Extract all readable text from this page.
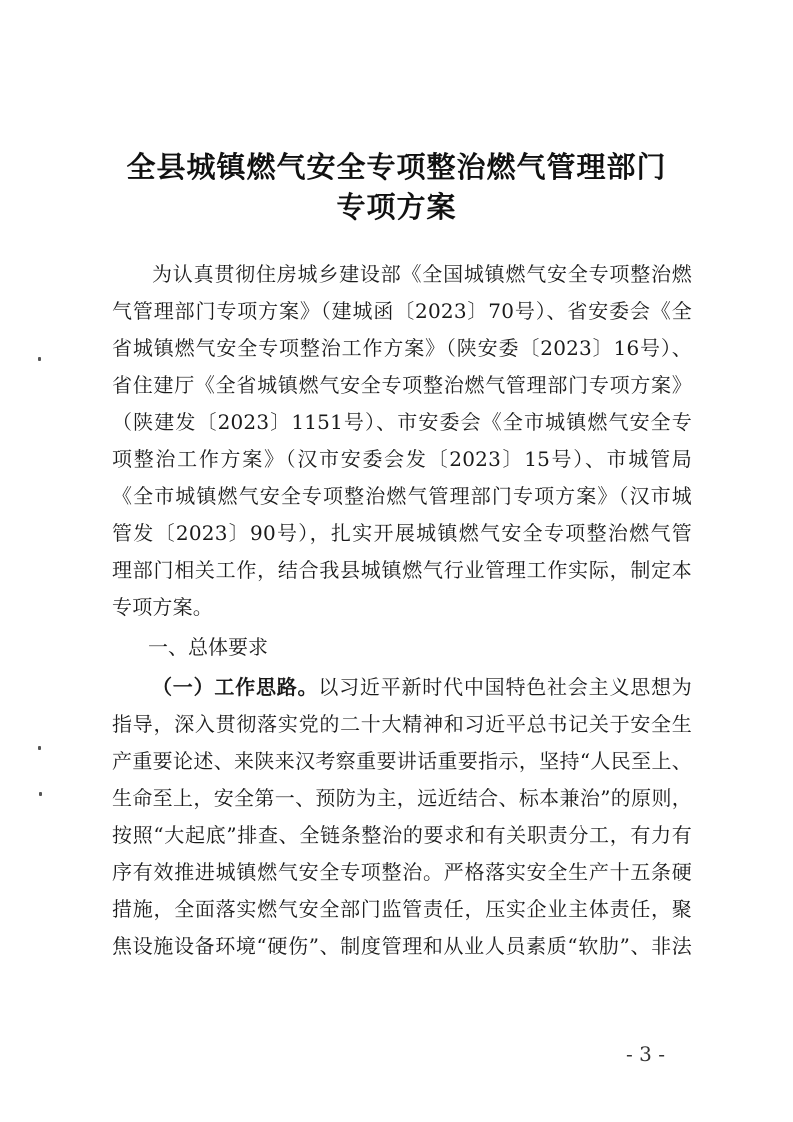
全县城镇燃气安全专项整治燃气管理部门
专项方案
为认真贯彻住房城乡建设部《全国城镇燃气安全专项整治燃
气管理部门专项方案》（建城函〔2023〕70号）、省安委会《全
省城镇燃气安全专项整治工作方案》（陕安委〔2023〕16号）、
省住建厅《全省城镇燃气安全专项整治燃气管理部门专项方案》
（陕建发〔2023〕1151号）、市安委会《全市城镇燃气安全专
项整治工作方案》（汉市安委会发〔2023〕15号）、市城管局
《全市城镇燃气安全专项整治燃气管理部门专项方案》（汉市城
管发〔2023〕90号），扎实开展城镇燃气安全专项整治燃气管
理部门相关工作，结合我县城镇燃气行业管理工作实际，制定本
专项方案。
一、总体要求
（一）工作思路。以习近平新时代中国特色社会主义思想为
指导，深入贯彻落实党的二十大精神和习近平总书记关于安全生
产重要论述、来陕来汉考察重要讲话重要指示，坚持“人民至上、
生命至上，安全第一、预防为主，远近结合、标本兼治”的原则，
按照“大起底”排查、全链条整治的要求和有关职责分工，有力有
序有效推进城镇燃气安全专项整治。严格落实安全生产十五条硬
措施，全面落实燃气安全部门监管责任，压实企业主体责任，聚
焦设施设备环境“硬伤”、制度管理和从业人员素质“软肋”、非法
- 3 -
